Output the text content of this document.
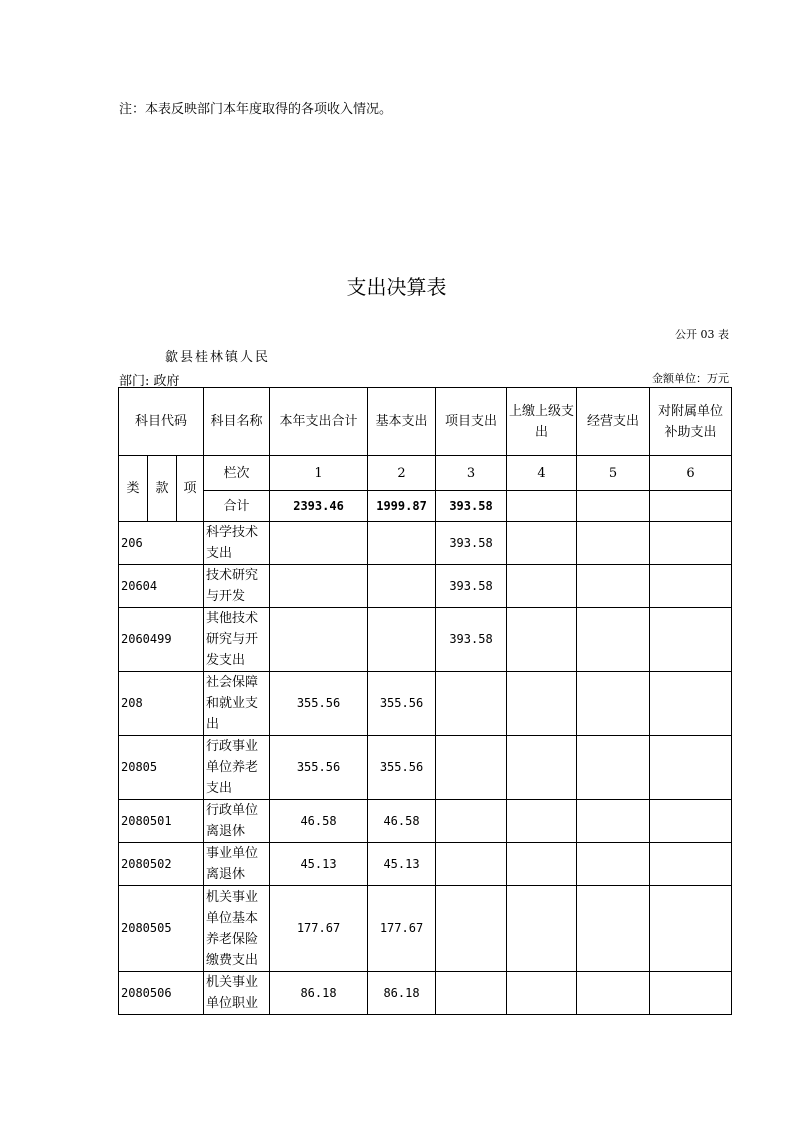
注：本表反映部门本年度取得的各项收入情况。
支出决算表
公开 03 表
歙县桂林镇人民
部门: 政府	金额单位：万元
科目代码			科目名称	本年支出合计	基本支出	项目支出	上缴上级支出	经营支出	对附属单位补助支出
类	款	项	栏次	1	2	3	4	5	6
			合计	2393.46	1999.87	393.58			
206			科学技术支出			393.58			
20604			技术研究与开发			393.58			
2060499			其他技术研究与开发支出			393.58			
208			社会保障和就业支出	355.56	355.56				
20805			行政事业单位养老支出	355.56	355.56				
2080501			行政单位离退休	46.58	46.58				
2080502			事业单位离退休	45.13	45.13				
2080505			机关事业单位基本养老保险缴费支出	177.67	177.67				
2080506			机关事业单位职业	86.18	86.18				
